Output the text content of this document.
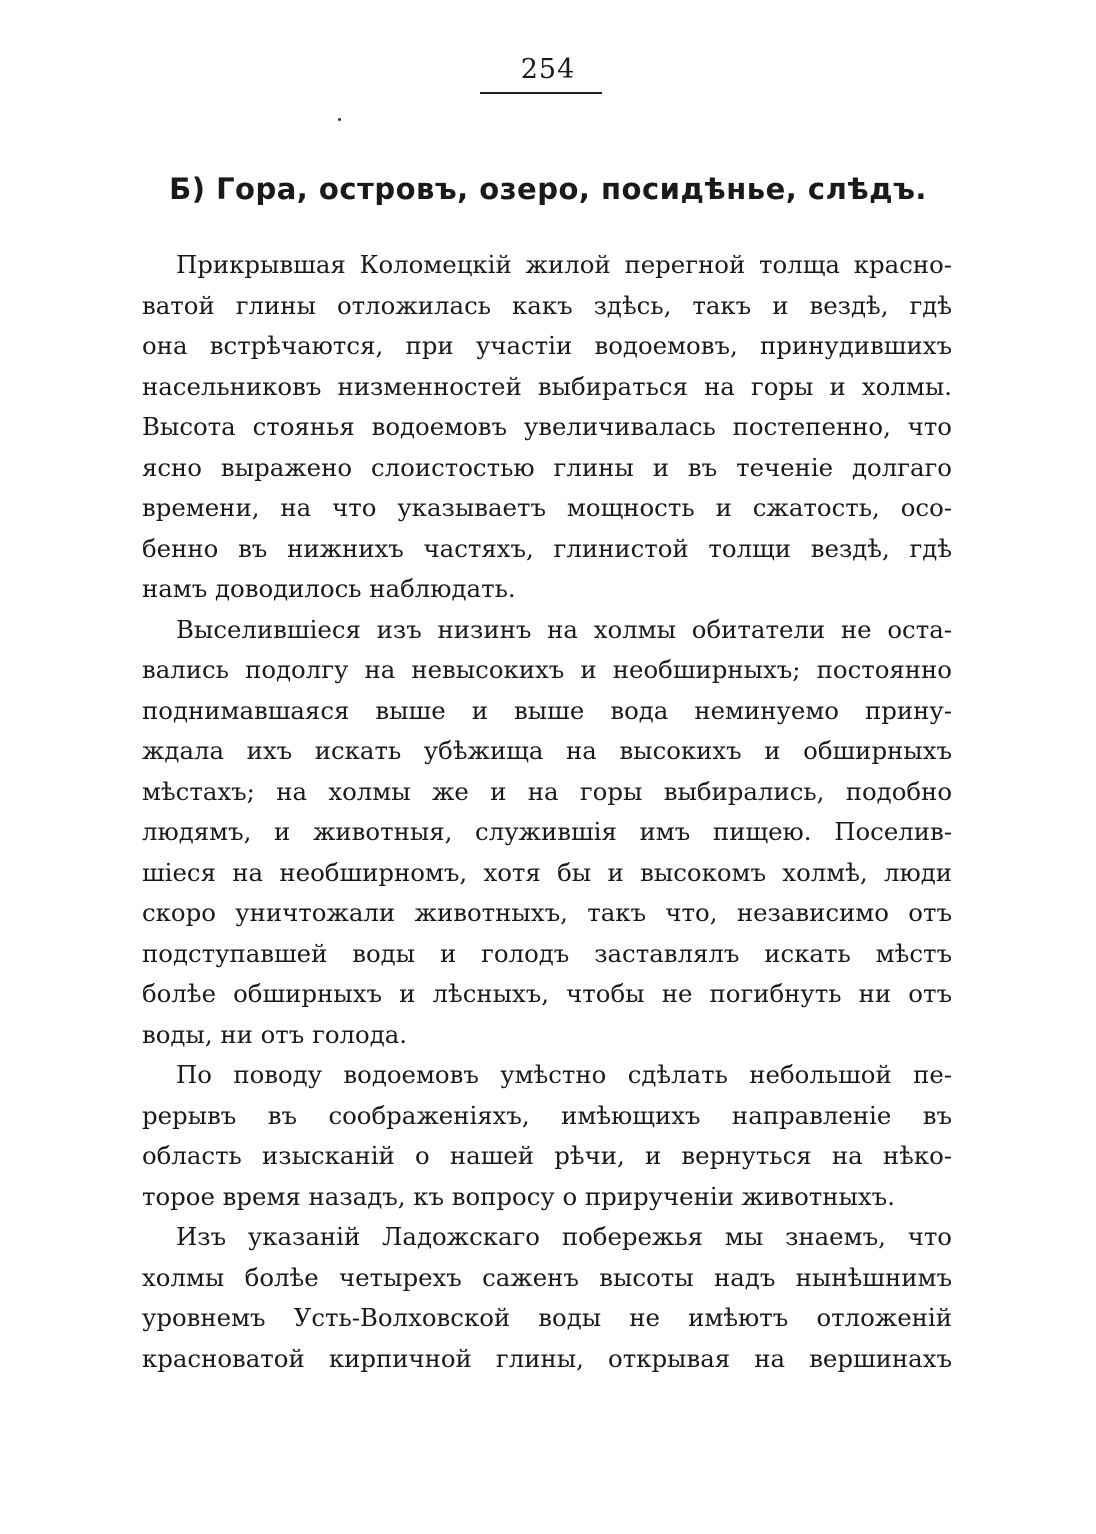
254
Б) Гора, островъ, озеро, посидѣнье, слѣдъ.
Прикрывшая Коломецкій жилой перегной толща красно-
ватой глины отложилась какъ здѣсь, такъ и вездѣ, гдѣ
она встрѣчаются, при участіи водоемовъ, принудившихъ
насельниковъ низменностей выбираться на горы и холмы.
Высота стоянья водоемовъ увеличивалась постепенно, что
ясно выражено слоистостью глины и въ теченіе долгаго
времени, на что указываетъ мощность и сжатость, осо-
бенно въ нижнихъ частяхъ, глинистой толщи вездѣ, гдѣ
намъ доводилось наблюдать.
Выселившіеся изъ низинъ на холмы обитатели не оста-
вались подолгу на невысокихъ и необширныхъ; постоянно
поднимавшаяся выше и выше вода неминуемо прину-
ждала ихъ искать убѣжища на высокихъ и обширныхъ
мѣстахъ; на холмы же и на горы выбирались, подобно
людямъ, и животныя, служившія имъ пищею. Поселив-
шіеся на необширномъ, хотя бы и высокомъ холмѣ, люди
скоро уничтожали животныхъ, такъ что, независимо отъ
подступавшей воды и голодъ заставлялъ искать мѣстъ
болѣе обширныхъ и лѣсныхъ, чтобы не погибнуть ни отъ
воды, ни отъ голода.
По поводу водоемовъ умѣстно сдѣлать небольшой пе-
рерывъ въ соображеніяхъ, имѣющихъ направленіе въ
область изысканій о нашей рѣчи, и вернуться на нѣко-
торое время назадъ, къ вопросу о прирученіи животныхъ.
Изъ указаній Ладожскаго побережья мы знаемъ, что
холмы болѣе четырехъ саженъ высоты надъ нынѣшнимъ
уровнемъ Усть-Волховской воды не имѣютъ отложеній
красноватой кирпичной глины, открывая на вершинахъ
